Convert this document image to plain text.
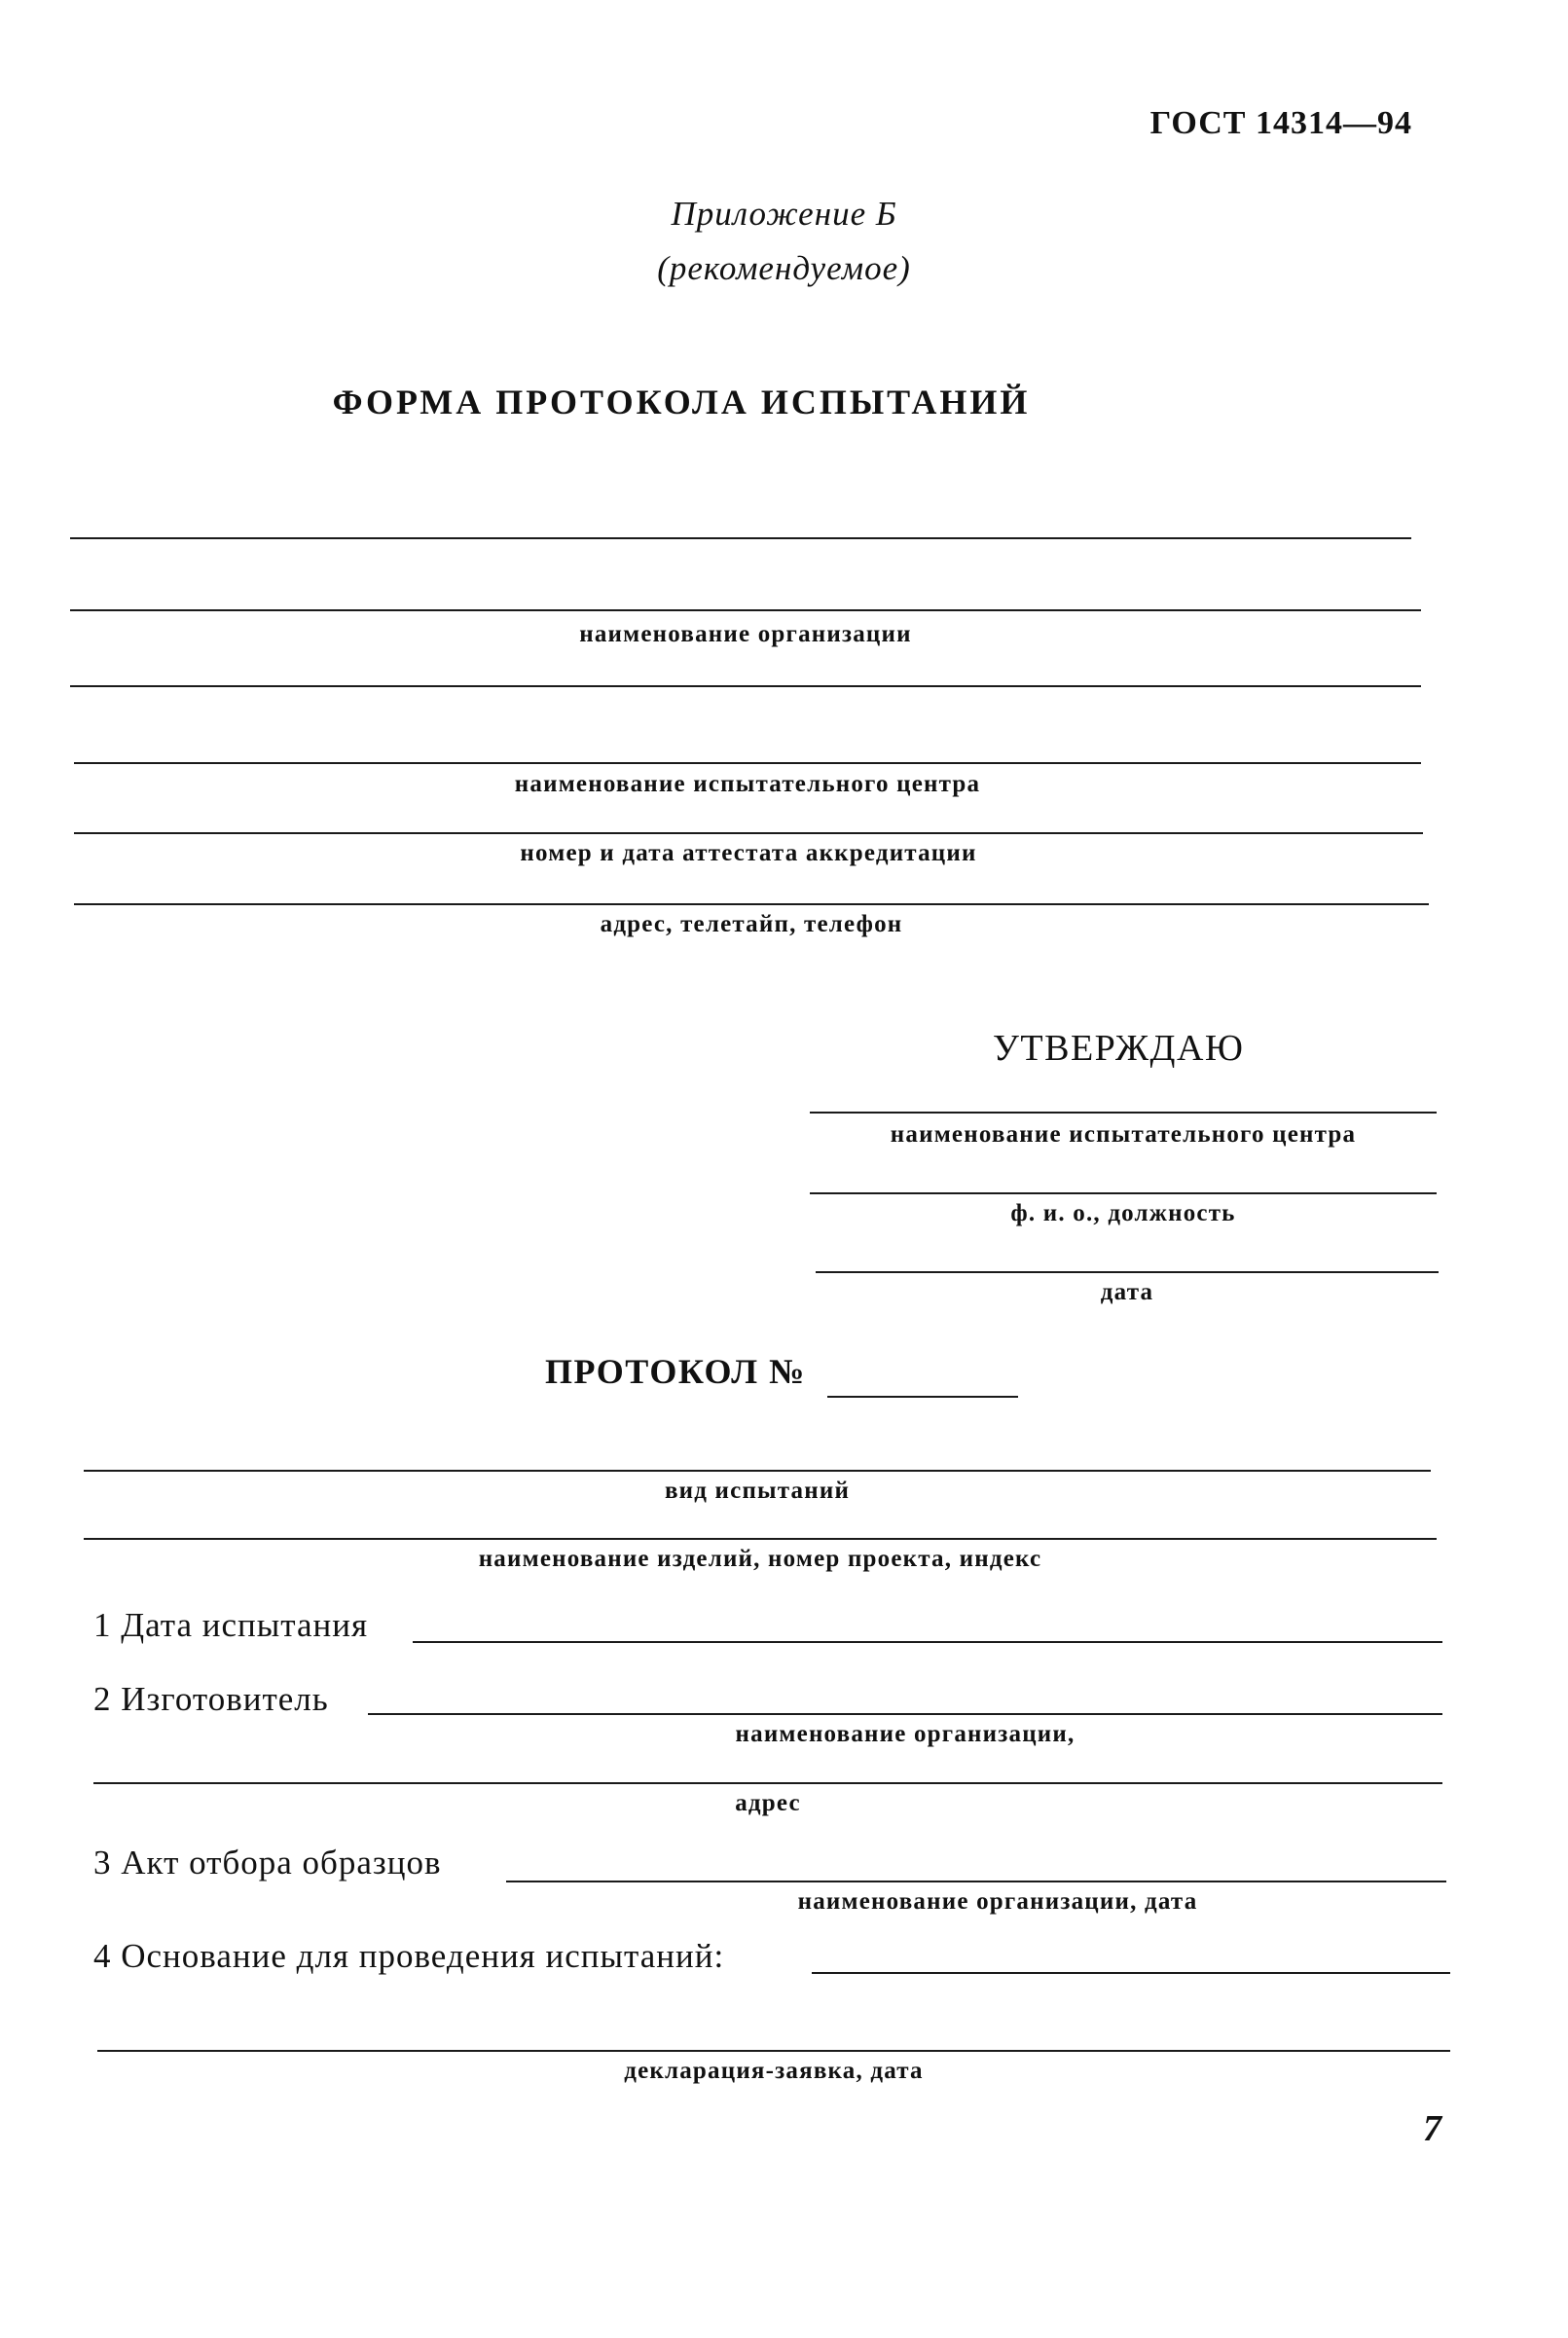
ГОСТ 14314—94
Приложение Б
(рекомендуемое)
ФОРМА ПРОТОКОЛА ИСПЫТАНИЙ
наименование организации
наименование испытательного центра
номер и дата аттестата аккредитации
адрес, телетайп, телефон
УТВЕРЖДАЮ
наименование испытательного центра
ф. и. о., должность
дата
ПРОТОКОЛ №
вид испытаний
наименование изделий, номер проекта, индекс
1 Дата испытания
2 Изготовитель
наименование организации,
адрес
3 Акт отбора образцов
наименование организации, дата
4 Основание для проведения испытаний:
декларация-заявка, дата
7
